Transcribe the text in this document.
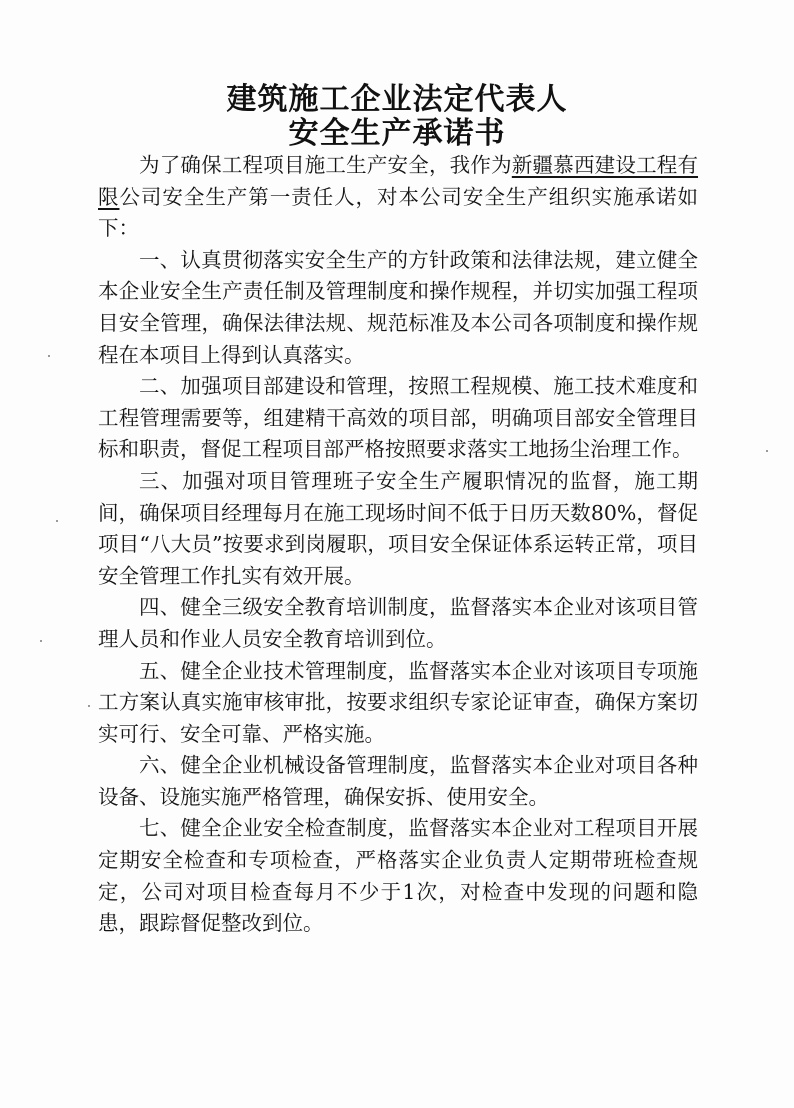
建筑施工企业法定代表人
安全生产承诺书

为了确保工程项目施工生产安全，我作为新疆慕西建设工程有限公司安全生产第一责任人，对本公司安全生产组织实施承诺如下：

一、认真贯彻落实安全生产的方针政策和法律法规，建立健全本企业安全生产责任制及管理制度和操作规程，并切实加强工程项目安全管理，确保法律法规、规范标准及本公司各项制度和操作规程在本项目上得到认真落实。

二、加强项目部建设和管理，按照工程规模、施工技术难度和工程管理需要等，组建精干高效的项目部，明确项目部安全管理目标和职责，督促工程项目部严格按照要求落实工地扬尘治理工作。

三、加强对项目管理班子安全生产履职情况的监督，施工期间，确保项目经理每月在施工现场时间不低于日历天数80%，督促项目“八大员”按要求到岗履职，项目安全保证体系运转正常，项目安全管理工作扎实有效开展。

四、健全三级安全教育培训制度，监督落实本企业对该项目管理人员和作业人员安全教育培训到位。

五、健全企业技术管理制度，监督落实本企业对该项目专项施工方案认真实施审核审批，按要求组织专家论证审查，确保方案切实可行、安全可靠、严格实施。

六、健全企业机械设备管理制度，监督落实本企业对项目各种设备、设施实施严格管理，确保安拆、使用安全。

七、健全企业安全检查制度，监督落实本企业对工程项目开展定期安全检查和专项检查，严格落实企业负责人定期带班检查规定，公司对项目检查每月不少于1次，对检查中发现的问题和隐患，跟踪督促整改到位。
